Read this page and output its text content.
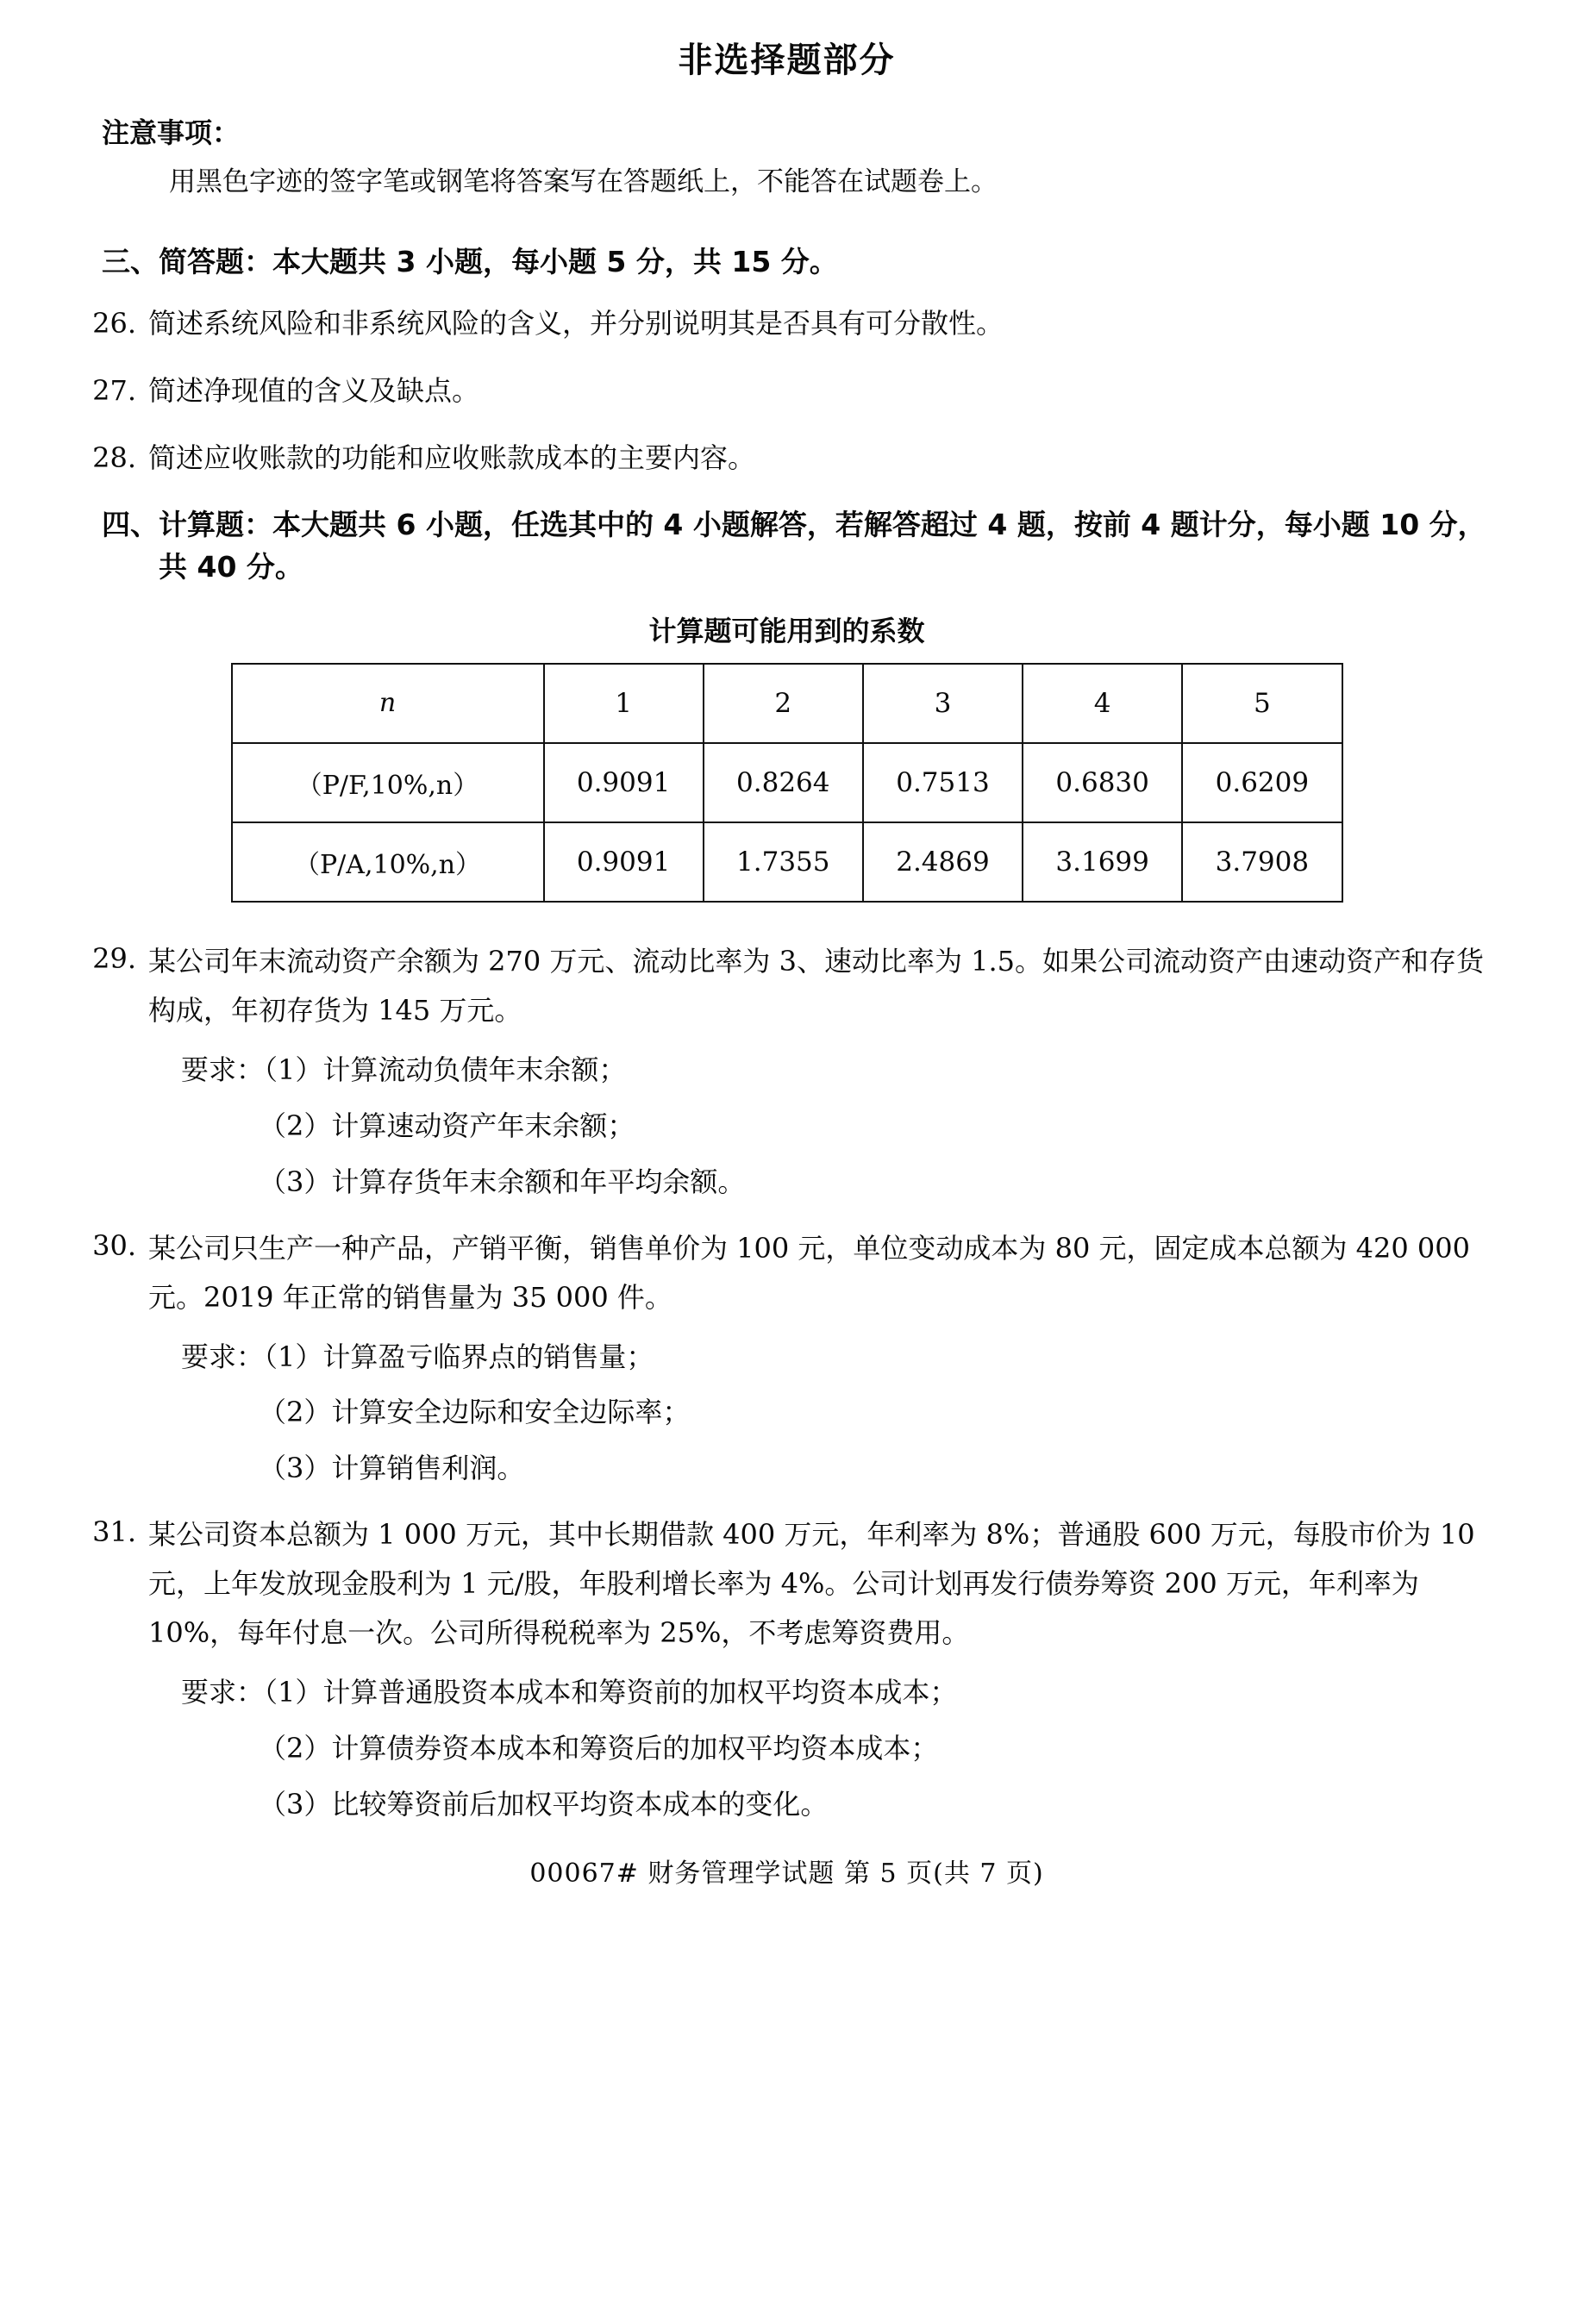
非选择题部分
注意事项：
用黑色字迹的签字笔或钢笔将答案写在答题纸上，不能答在试题卷上。
三、简答题：本大题共 3 小题，每小题 5 分，共 15 分。
26. 简述系统风险和非系统风险的含义，并分别说明其是否具有可分散性。
27. 简述净现值的含义及缺点。
28. 简述应收账款的功能和应收账款成本的主要内容。
四、计算题：本大题共 6 小题，任选其中的 4 小题解答，若解答超过 4 题，按前 4 题计分，每小题 10 分，共 40 分。
计算题可能用到的系数
n	1	2	3	4	5
（P/F,10%,n）	0.9091	0.8264	0.7513	0.6830	0.6209
（P/A,10%,n）	0.9091	1.7355	2.4869	3.1699	3.7908
29. 某公司年末流动资产余额为 270 万元、流动比率为 3、速动比率为 1.5。如果公司流动资产由速动资产和存货构成，年初存货为 145 万元。
要求：（1）计算流动负债年末余额；
（2）计算速动资产年末余额；
（3）计算存货年末余额和年平均余额。
30. 某公司只生产一种产品，产销平衡，销售单价为 100 元，单位变动成本为 80 元，固定成本总额为 420 000 元。2019 年正常的销售量为 35 000 件。
要求：（1）计算盈亏临界点的销售量；
（2）计算安全边际和安全边际率；
（3）计算销售利润。
31. 某公司资本总额为 1 000 万元，其中长期借款 400 万元，年利率为 8%；普通股 600 万元，每股市价为 10 元，上年发放现金股利为 1 元/股，年股利增长率为 4%。公司计划再发行债券筹资 200 万元，年利率为 10%，每年付息一次。公司所得税税率为 25%，不考虑筹资费用。
要求：（1）计算普通股资本成本和筹资前的加权平均资本成本；
（2）计算债券资本成本和筹资后的加权平均资本成本；
（3）比较筹资前后加权平均资本成本的变化。
00067# 财务管理学试题 第 5 页(共 7 页)
